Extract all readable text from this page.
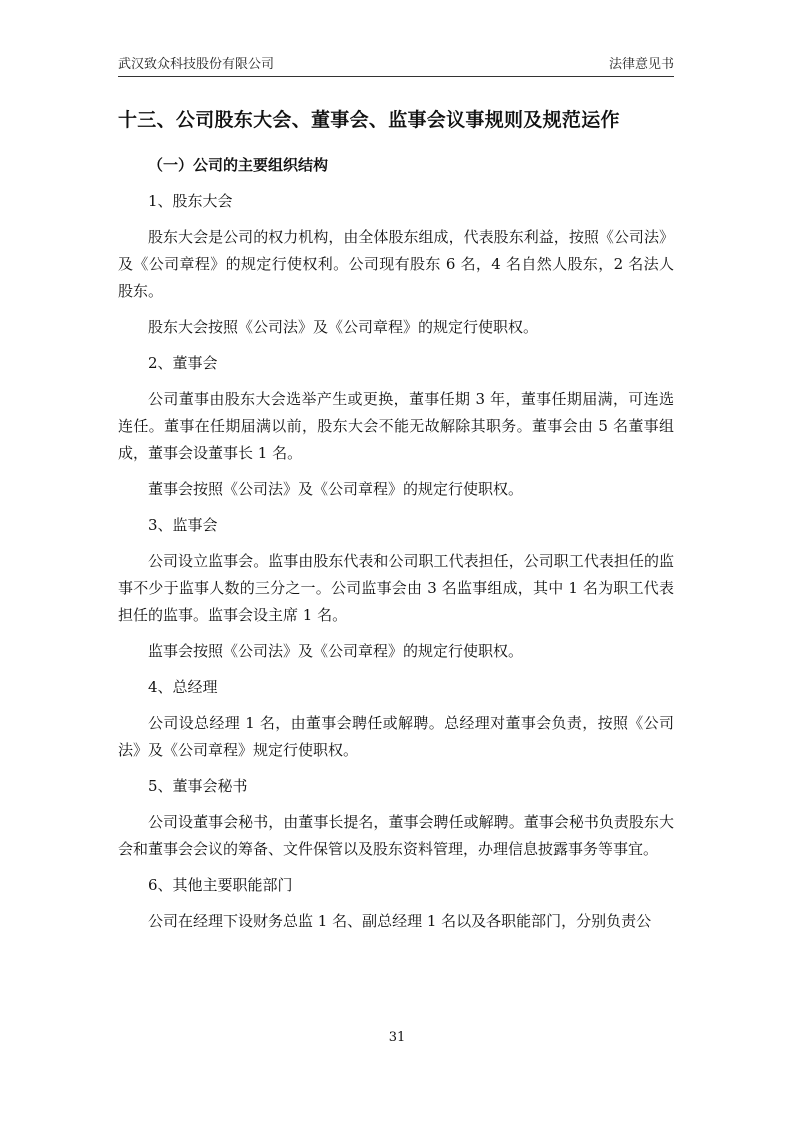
武汉致众科技股份有限公司	法律意见书
十三、公司股东大会、董事会、监事会议事规则及规范运作
（一）公司的主要组织结构
1、股东大会

股东大会是公司的权力机构，由全体股东组成，代表股东利益，按照《公司法》及《公司章程》的规定行使权利。公司现有股东 6 名，4 名自然人股东，2 名法人股东。

股东大会按照《公司法》及《公司章程》的规定行使职权。

2、董事会

公司董事由股东大会选举产生或更换，董事任期 3 年，董事任期届满，可连选连任。董事在任期届满以前，股东大会不能无故解除其职务。董事会由 5 名董事组成，董事会设董事长 1 名。

董事会按照《公司法》及《公司章程》的规定行使职权。

3、监事会

公司设立监事会。监事由股东代表和公司职工代表担任，公司职工代表担任的监事不少于监事人数的三分之一。公司监事会由 3 名监事组成，其中 1 名为职工代表担任的监事。监事会设主席 1 名。

监事会按照《公司法》及《公司章程》的规定行使职权。

4、总经理

公司设总经理 1 名，由董事会聘任或解聘。总经理对董事会负责，按照《公司法》及《公司章程》规定行使职权。

5、董事会秘书

公司设董事会秘书，由董事长提名，董事会聘任或解聘。董事会秘书负责股东大会和董事会会议的筹备、文件保管以及股东资料管理，办理信息披露事务等事宜。

6、其他主要职能部门

公司在经理下设财务总监 1 名、副总经理 1 名以及各职能部门，分别负责公

31
